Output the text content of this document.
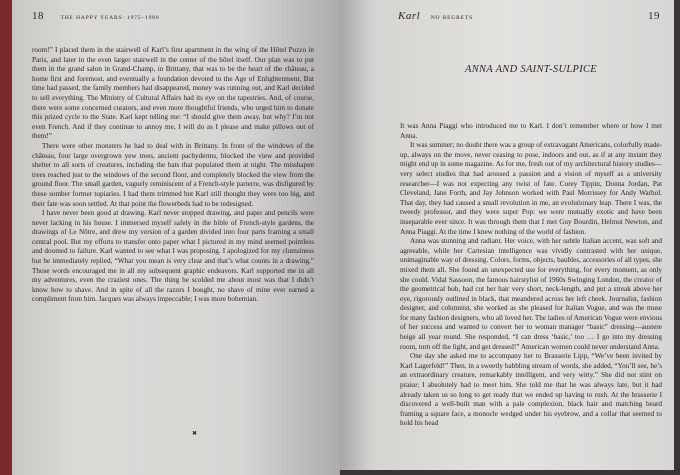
18	THE HAPPY YEARS: 1975–1980

room!” I placed them in the stairwell of Karl’s first apartment in the wing of the Hôtel Pozzo in Paris, and later in the even larger stairwell in the center of the hôtel itself. Our plan was to put them in the grand salon in Grand-Champ, in Brittany, that was to be the heart of the château, a home first and foremost, and eventually a foundation devoted to the Age of Enlightenment. But time had passed, the family members had disappeared, money was running out, and Karl decided to sell everything. The Ministry of Cultural Affairs had its eye on the tapestries. And, of course, there were some concerned curators, and even more thoughtful friends, who urged him to donate this prized cycle to the State. Karl kept telling me: “I should give them away, but why? I’m not even French. And if they continue to annoy me, I will do as I please and make pillows out of them!”

There were other monsters he had to deal with in Brittany. In front of the windows of the château, four large overgrown yew trees, ancient pachyderms, blocked the view and provided shelter to all sorts of creatures, including the bats that populated them at night. The misshapen trees reached just to the windows of the second floor, and completely blocked the view from the ground floor. The small garden, vaguely reminiscent of a French-style parterre, was disfigured by these somber former topiaries. I had them trimmed but Karl still thought they were too big, and their fate was soon settled. At that point the flowerbeds had to be redesigned.

I have never been good at drawing. Karl never stopped drawing, and paper and pencils were never lacking in his house. I immersed myself safely in the bible of French-style gardens, the drawings of Le Nôtre, and drew my version of a garden divided into four parts framing a small central pool. But my efforts to transfer onto paper what I pictured in my mind seemed pointless and doomed to failure. Karl wanted to see what I was proposing. I apologized for my clumsiness but he immediately replied, “What you mean is very clear and that’s what counts in a drawing.” Those words encouraged me in all my subsequent graphic endeavors. Karl supported me in all my adventures, even the craziest ones. The thing he scolded me about most was that I didn’t know how to shave. And in spite of all the razors I bought, no shave of mine ever earned a compliment from him. Jacques was always impeccable; I was more bohemian.

✖
Karl NO REGRETS	19
ANNA AND SAINT-SULPICE

It was Anna Piaggi who introduced me to Karl. I don’t remember where or how I met Anna.

It was summer; no doubt there was a group of extravagant Americans, colorfully made-up, always on the move, never ceasing to pose, indoors and out, as if at any instant they might end up in some magazine. As for me, fresh out of my architectural history studies—very select studies that had aroused a passion and a vision of myself as a university researcher—I was not expecting any twist of fate. Corey Tippin, Donna Jordan, Pat Cleveland, Jane Forth, and Jay Johnson worked with Paul Morrissey for Andy Warhol. That day, they had caused a small revolution in me, an evolutionary leap. There I was, the tweedy professor, and they were super Pop: we were mutually exotic and have been inseparable ever since. It was through them that I met Guy Bourdin, Helmut Newton, and Anna Piaggi. At the time I knew nothing of the world of fashion.

Anna was stunning and radiant. Her voice, with her subtle Italian accent, was soft and agreeable, while her Cartesian intelligence was vividly contrasted with her unique, unimaginable way of dressing. Colors, forms, objects, baubles, accessories of all types, she mixed them all. She found an unexpected use for everything, for every moment, as only she could. Vidal Sassoon, the famous hairstylist of 1960s Swinging London, the creator of the geometrical bob, had cut her hair very short, neck-length, and put a streak above her eye, rigorously outlined in black, that meandered across her left cheek. Journalist, fashion designer, and columnist, she worked as she pleased for Italian Vogue, and was the muse for many fashion designers, who all loved her. The ladies of American Vogue were envious of her success and wanted to convert her to woman manager “basic” dressing—austere beige all year round. She responded, “I can dress ‘basic,’ too … I go into my dressing room, turn off the light, and get dressed!” American women could never understand Anna.

One day she asked me to accompany her to Brasserie Lipp, “We’ve been invited by Karl Lagerfeld!” Then, in a sweetly babbling stream of words, she added, “You’ll see, he’s an extraordinary creature, remarkably intelligent, and very witty.” She did not stint on praise; I absolutely had to meet him. She told me that he was always late, but it had already taken us so long to get ready that we ended up having to rush. At the brasserie I discovered a well-built man with a pale complexion, black hair and matching beard framing a square face, a monocle wedged under his eyebrow, and a collar that seemed to hold his head
